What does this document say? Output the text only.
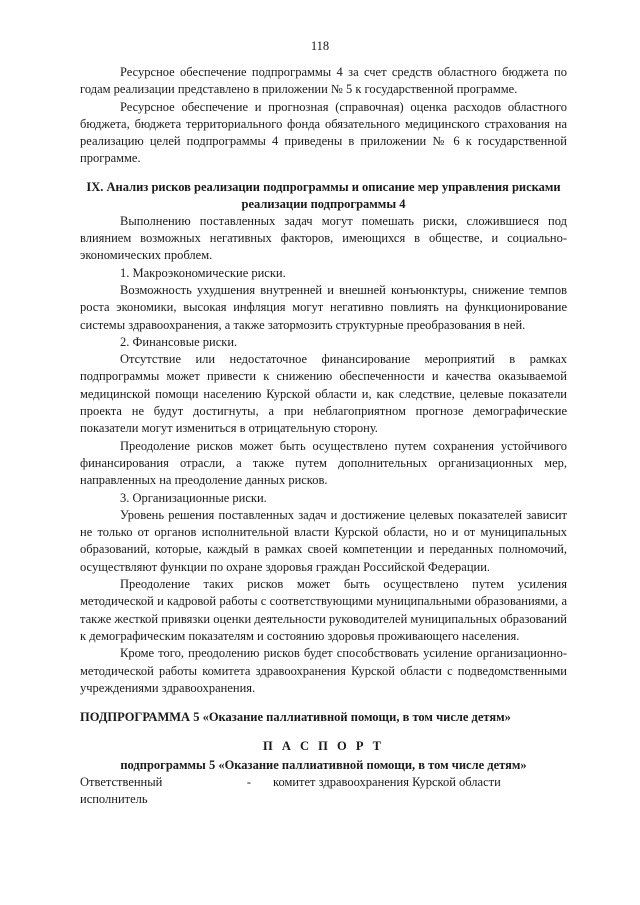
118

Ресурсное обеспечение подпрограммы 4 за счет средств областного бюджета по годам реализации представлено в приложении № 5 к государственной программе.

Ресурсное обеспечение и прогнозная (справочная) оценка расходов областного бюджета, бюджета территориального фонда обязательного медицинского страхования на реализацию целей подпрограммы 4 приведены в приложении № 6 к государственной программе.

IX. Анализ рисков реализации подпрограммы и описание мер управления рисками реализации подпрограммы 4

Выполнению поставленных задач могут помешать риски, сложившиеся под влиянием возможных негативных факторов, имеющихся в обществе, и социально-экономических проблем.

1. Макроэкономические риски.

Возможность ухудшения внутренней и внешней конъюнктуры, снижение темпов роста экономики, высокая инфляция могут негативно повлиять на функционирование системы здравоохранения, а также затормозить структурные преобразования в ней.

2. Финансовые риски.

Отсутствие или недостаточное финансирование мероприятий в рамках подпрограммы может привести к снижению обеспеченности и качества оказываемой медицинской помощи населению Курской области и, как следствие, целевые показатели проекта не будут достигнуты, а при неблагоприятном прогнозе демографические показатели могут измениться в отрицательную сторону.

Преодоление рисков может быть осуществлено путем сохранения устойчивого финансирования отрасли, а также путем дополнительных организационных мер, направленных на преодоление данных рисков.

3. Организационные риски.

Уровень решения поставленных задач и достижение целевых показателей зависит не только от органов исполнительной власти Курской области, но и от муниципальных образований, которые, каждый в рамках своей компетенции и переданных полномочий, осуществляют функции по охране здоровья граждан Российской Федерации.

Преодоление таких рисков может быть осуществлено путем усиления методической и кадровой работы с соответствующими муниципальными образованиями, а также жесткой привязки оценки деятельности руководителей муниципальных образований к демографическим показателям и состоянию здоровья проживающего населения.

Кроме того, преодолению рисков будет способствовать усиление организационно-методической работы комитета здравоохранения Курской области с подведомственными учреждениями здравоохранения.

ПОДПРОГРАММА 5 «Оказание паллиативной помощи, в том числе детям»
П А С П О Р Т
подпрограммы 5 «Оказание паллиативной помощи, в том числе детям»
Ответственный
исполнитель
-	комитет здравоохранения Курской области
